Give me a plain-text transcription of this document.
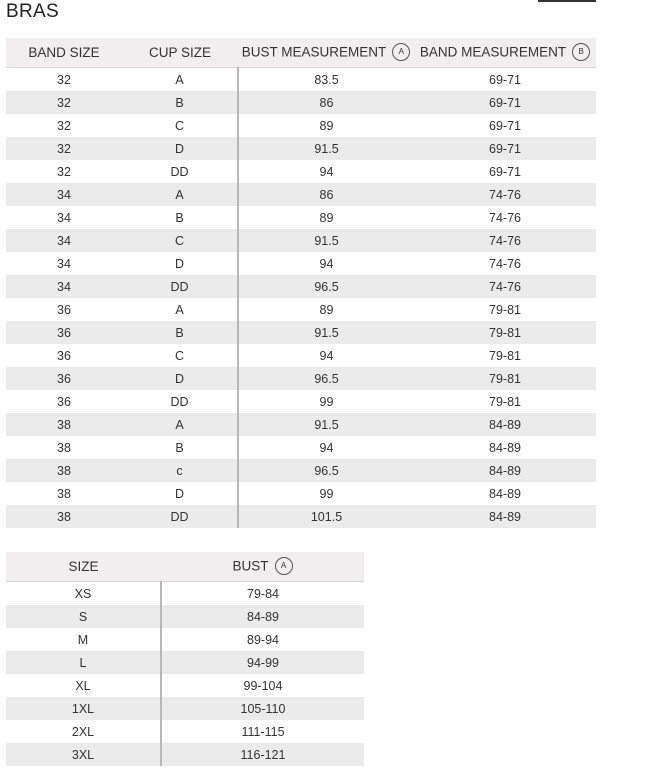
BRAS
BAND SIZE	CUP SIZE	BUST MEASUREMENT A	BAND MEASUREMENT B
32	A	83.5	69-71
32	B	86	69-71
32	C	89	69-71
32	D	91.5	69-71
32	DD	94	69-71
34	A	86	74-76
34	B	89	74-76
34	C	91.5	74-76
34	D	94	74-76
34	DD	96.5	74-76
36	A	89	79-81
36	B	91.5	79-81
36	C	94	79-81
36	D	96.5	79-81
36	DD	99	79-81
38	A	91.5	84-89
38	B	94	84-89
38	c	96.5	84-89
38	D	99	84-89
38	DD	101.5	84-89
SIZE	BUST A
XS	79-84
S	84-89
M	89-94
L	94-99
XL	99-104
1XL	105-110
2XL	111-115
3XL	116-121
